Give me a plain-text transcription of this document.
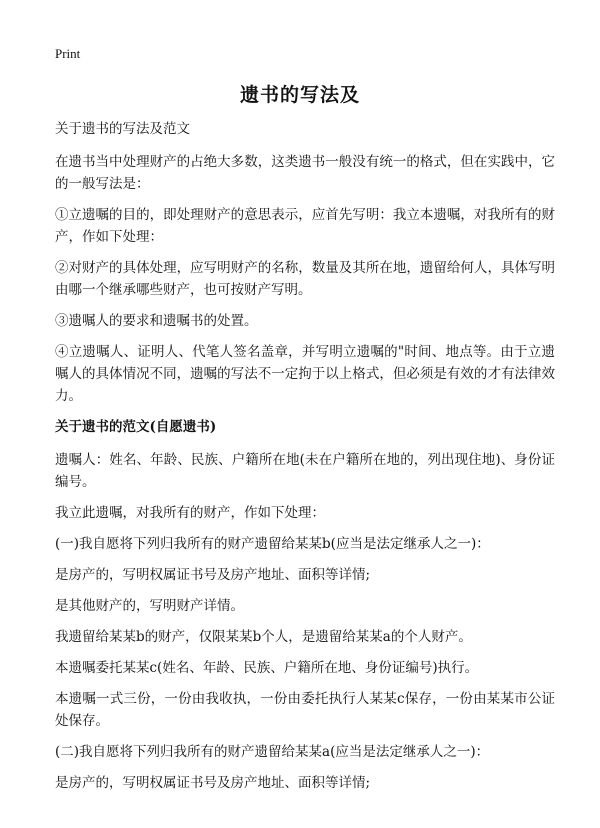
Print
遗书的写法及

关于遗书的写法及范文

在遗书当中处理财产的占绝大多数，这类遗书一般没有统一的格式，但在实践中，它的一般写法是：

①立遗嘱的目的，即处理财产的意思表示，应首先写明：我立本遗嘱，对我所有的财产，作如下处理：

②对财产的具体处理，应写明财产的名称，数量及其所在地，遗留给何人，具体写明由哪一个继承哪些财产，也可按财产写明。

③遗嘱人的要求和遗嘱书的处置。

④立遗嘱人、证明人、代笔人签名盖章，并写明立遗嘱的"时间、地点等。由于立遗嘱人的具体情况不同，遗嘱的写法不一定拘于以上格式，但必须是有效的才有法律效力。

关于遗书的范文(自愿遗书)

遗嘱人：姓名、年龄、民族、户籍所在地(未在户籍所在地的，列出现住地)、身份证编号。

我立此遗嘱，对我所有的财产，作如下处理：

(一)我自愿将下列归我所有的财产遗留给某某b(应当是法定继承人之一)：

是房产的，写明权属证书号及房产地址、面积等详情;

是其他财产的，写明财产详情。

我遗留给某某b的财产，仅限某某b个人，是遗留给某某a的个人财产。

本遗嘱委托某某c(姓名、年龄、民族、户籍所在地、身份证编号)执行。

本遗嘱一式三份，一份由我收执，一份由委托执行人某某c保存，一份由某某市公证处保存。

(二)我自愿将下列归我所有的财产遗留给某某a(应当是法定继承人之一)：

是房产的，写明权属证书号及房产地址、面积等详情;
